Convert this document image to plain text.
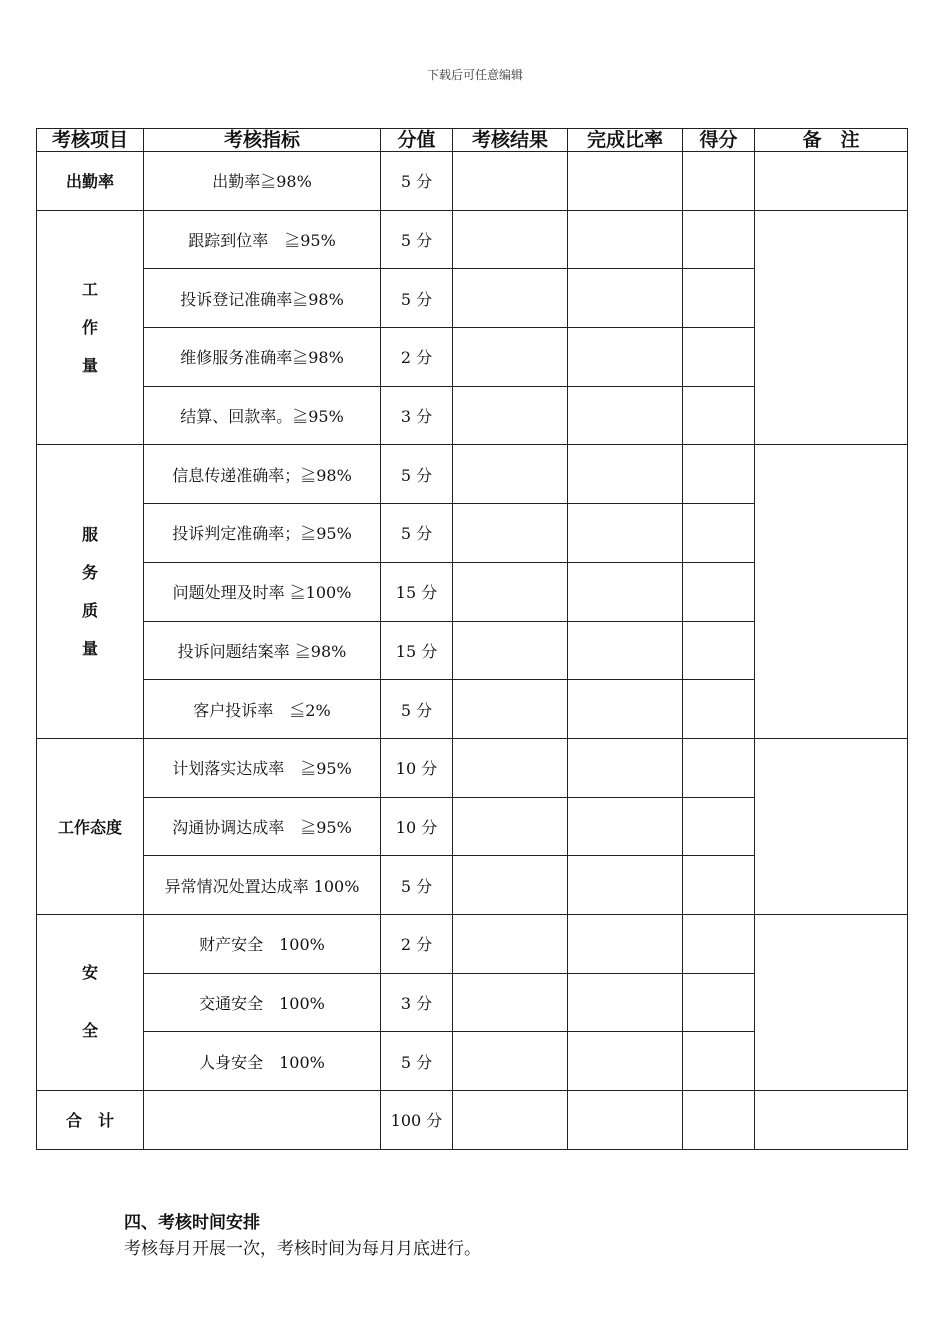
下载后可任意编辑
考核项目	考核指标	分值	考核结果	完成比率	得分	备　注
出勤率	出勤率≧98%	5 分				

工
作
量	跟踪到位率　≧95%	5 分				
	投诉登记准确率≧98%	5 分				
	维修服务准确率≧98%	2 分				
	结算、回款率。≧95%	3 分				

服
务
质
量	信息传递准确率；≧98%	5 分				
	投诉判定准确率；≧95%	5 分				
	问题处理及时率 ≧100%	15 分				
	投诉问题结案率 ≧98%	15 分				
	客户投诉率　≦2%	5 分				
工作态度	计划落实达成率　≧95%	10 分				
	沟通协调达成率　≧95%	10 分				
	异常情况处置达成率 100%	5 分				

安
全	财产安全　100%	2 分				
	交通安全　100%	3 分				
	人身安全　100%	5 分				
合　计		100 分				
四、考核时间安排
考核每月开展一次，考核时间为每月月底进行。
